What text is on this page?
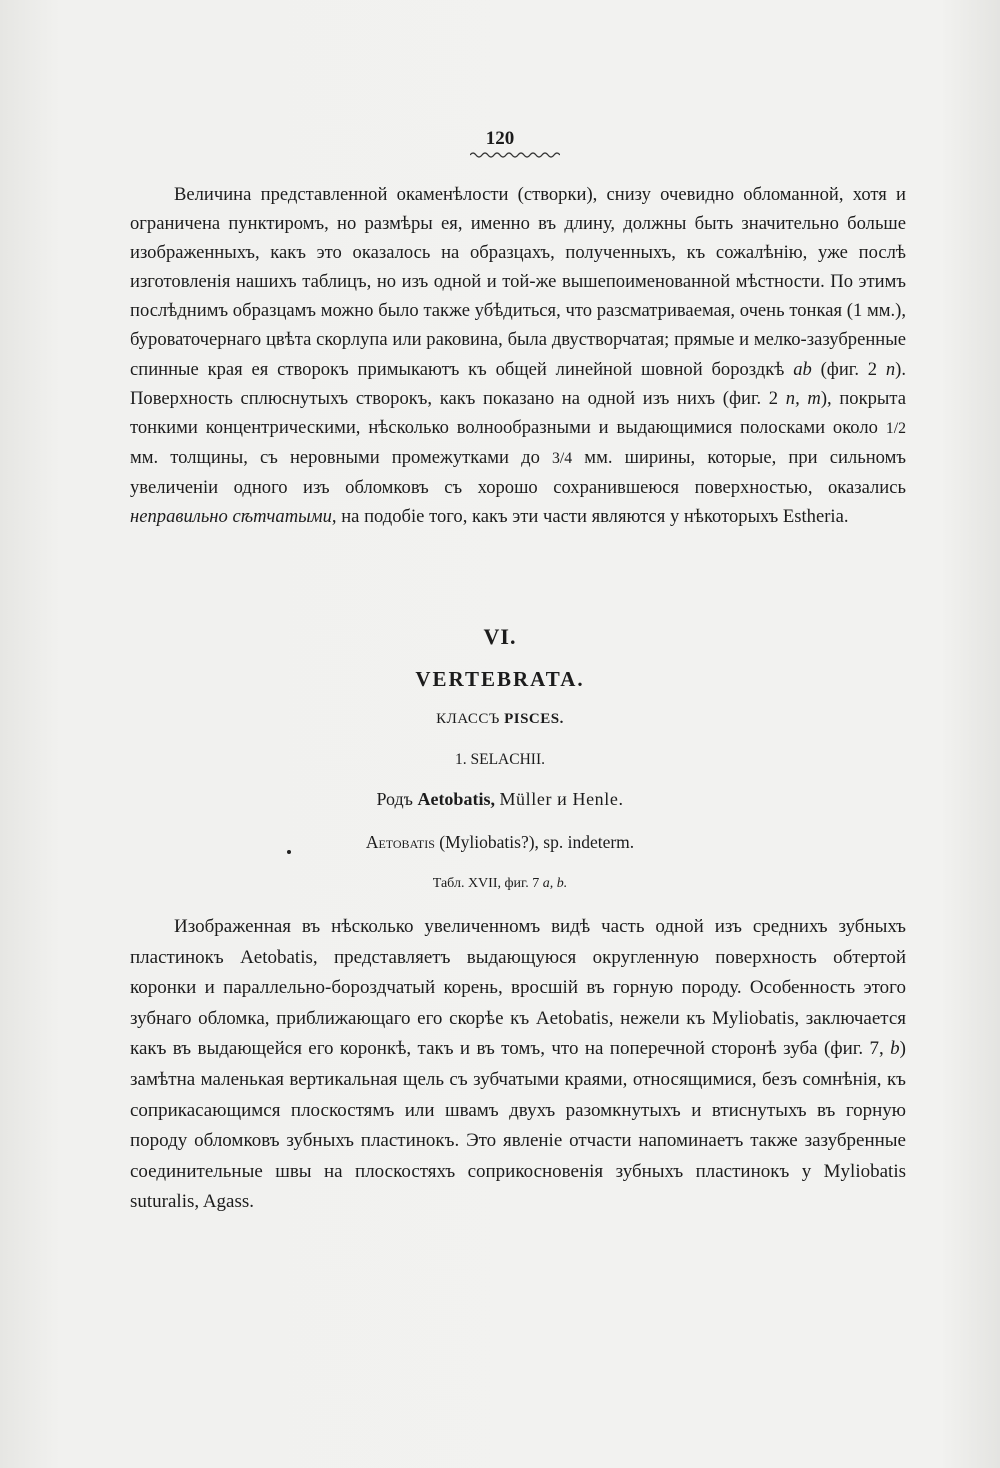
120

Величина представленной окаменѣлости (створки), снизу очевидно обломанной, хотя и ограничена пунктиромъ, но размѣры ея, именно въ длину, должны быть значительно больше изображенныхъ, какъ это оказалось на образцахъ, полученныхъ, къ сожалѣнію, уже послѣ изготовленія нашихъ таблицъ, но изъ одной и той-же вышепоименованной мѣстности. По этимъ послѣднимъ образцамъ можно было также убѣдиться, что разсматриваемая, очень тонкая (1 мм.), буроваточернаго цвѣта скорлупа или раковина, была двустворчатая; прямые и мелко-зазубренные спинные края ея створокъ примыкаютъ къ общей линейной шовной бороздкѣ ab (фиг. 2 n). Поверхность сплюснутыхъ створокъ, какъ показано на одной изъ нихъ (фиг. 2 n, m), покрыта тонкими концентрическими, нѣсколько волнообразными и выдающимися полосками около 1/2 мм. толщины, съ неровными промежутками до 3/4 мм. ширины, которые, при сильномъ увеличеніи одного изъ обломковъ съ хорошо сохранившеюся поверхностью, оказались неправильно сѣтчатыми, на подобіе того, какъ эти части являются у нѣкоторыхъ Estheria.

VI.
VERTEBRATA.
КЛАССЪ PISCES.
1. SELACHII.
Родъ Aetobatis, Müller и Henle.
Aetobatis (Myliobatis?), sp. indeterm.
Табл. XVII, фиг. 7 a, b.

Изображенная въ нѣсколько увеличенномъ видѣ часть одной изъ среднихъ зубныхъ пластинокъ Aetobatis, представляетъ выдающуюся округленную поверхность обтертой коронки и параллельно-бороздчатый корень, вросшій въ горную породу. Особенность этого зубнаго обломка, приближающаго его скорѣе къ Aetobatis, нежели къ Myliobatis, заключается какъ въ выдающейся его коронкѣ, такъ и въ томъ, что на поперечной сторонѣ зуба (фиг. 7, b) замѣтна маленькая вертикальная щель съ зубчатыми краями, относящимися, безъ сомнѣнія, къ соприкасающимся плоскостямъ или швамъ двухъ разомкнутыхъ и втиснутыхъ въ горную породу обломковъ зубныхъ пластинокъ. Это явленіе отчасти напоминаетъ также зазубренные соединительные швы на плоскостяхъ соприкосновенія зубныхъ пластинокъ у Myliobatis suturalis, Agass.
